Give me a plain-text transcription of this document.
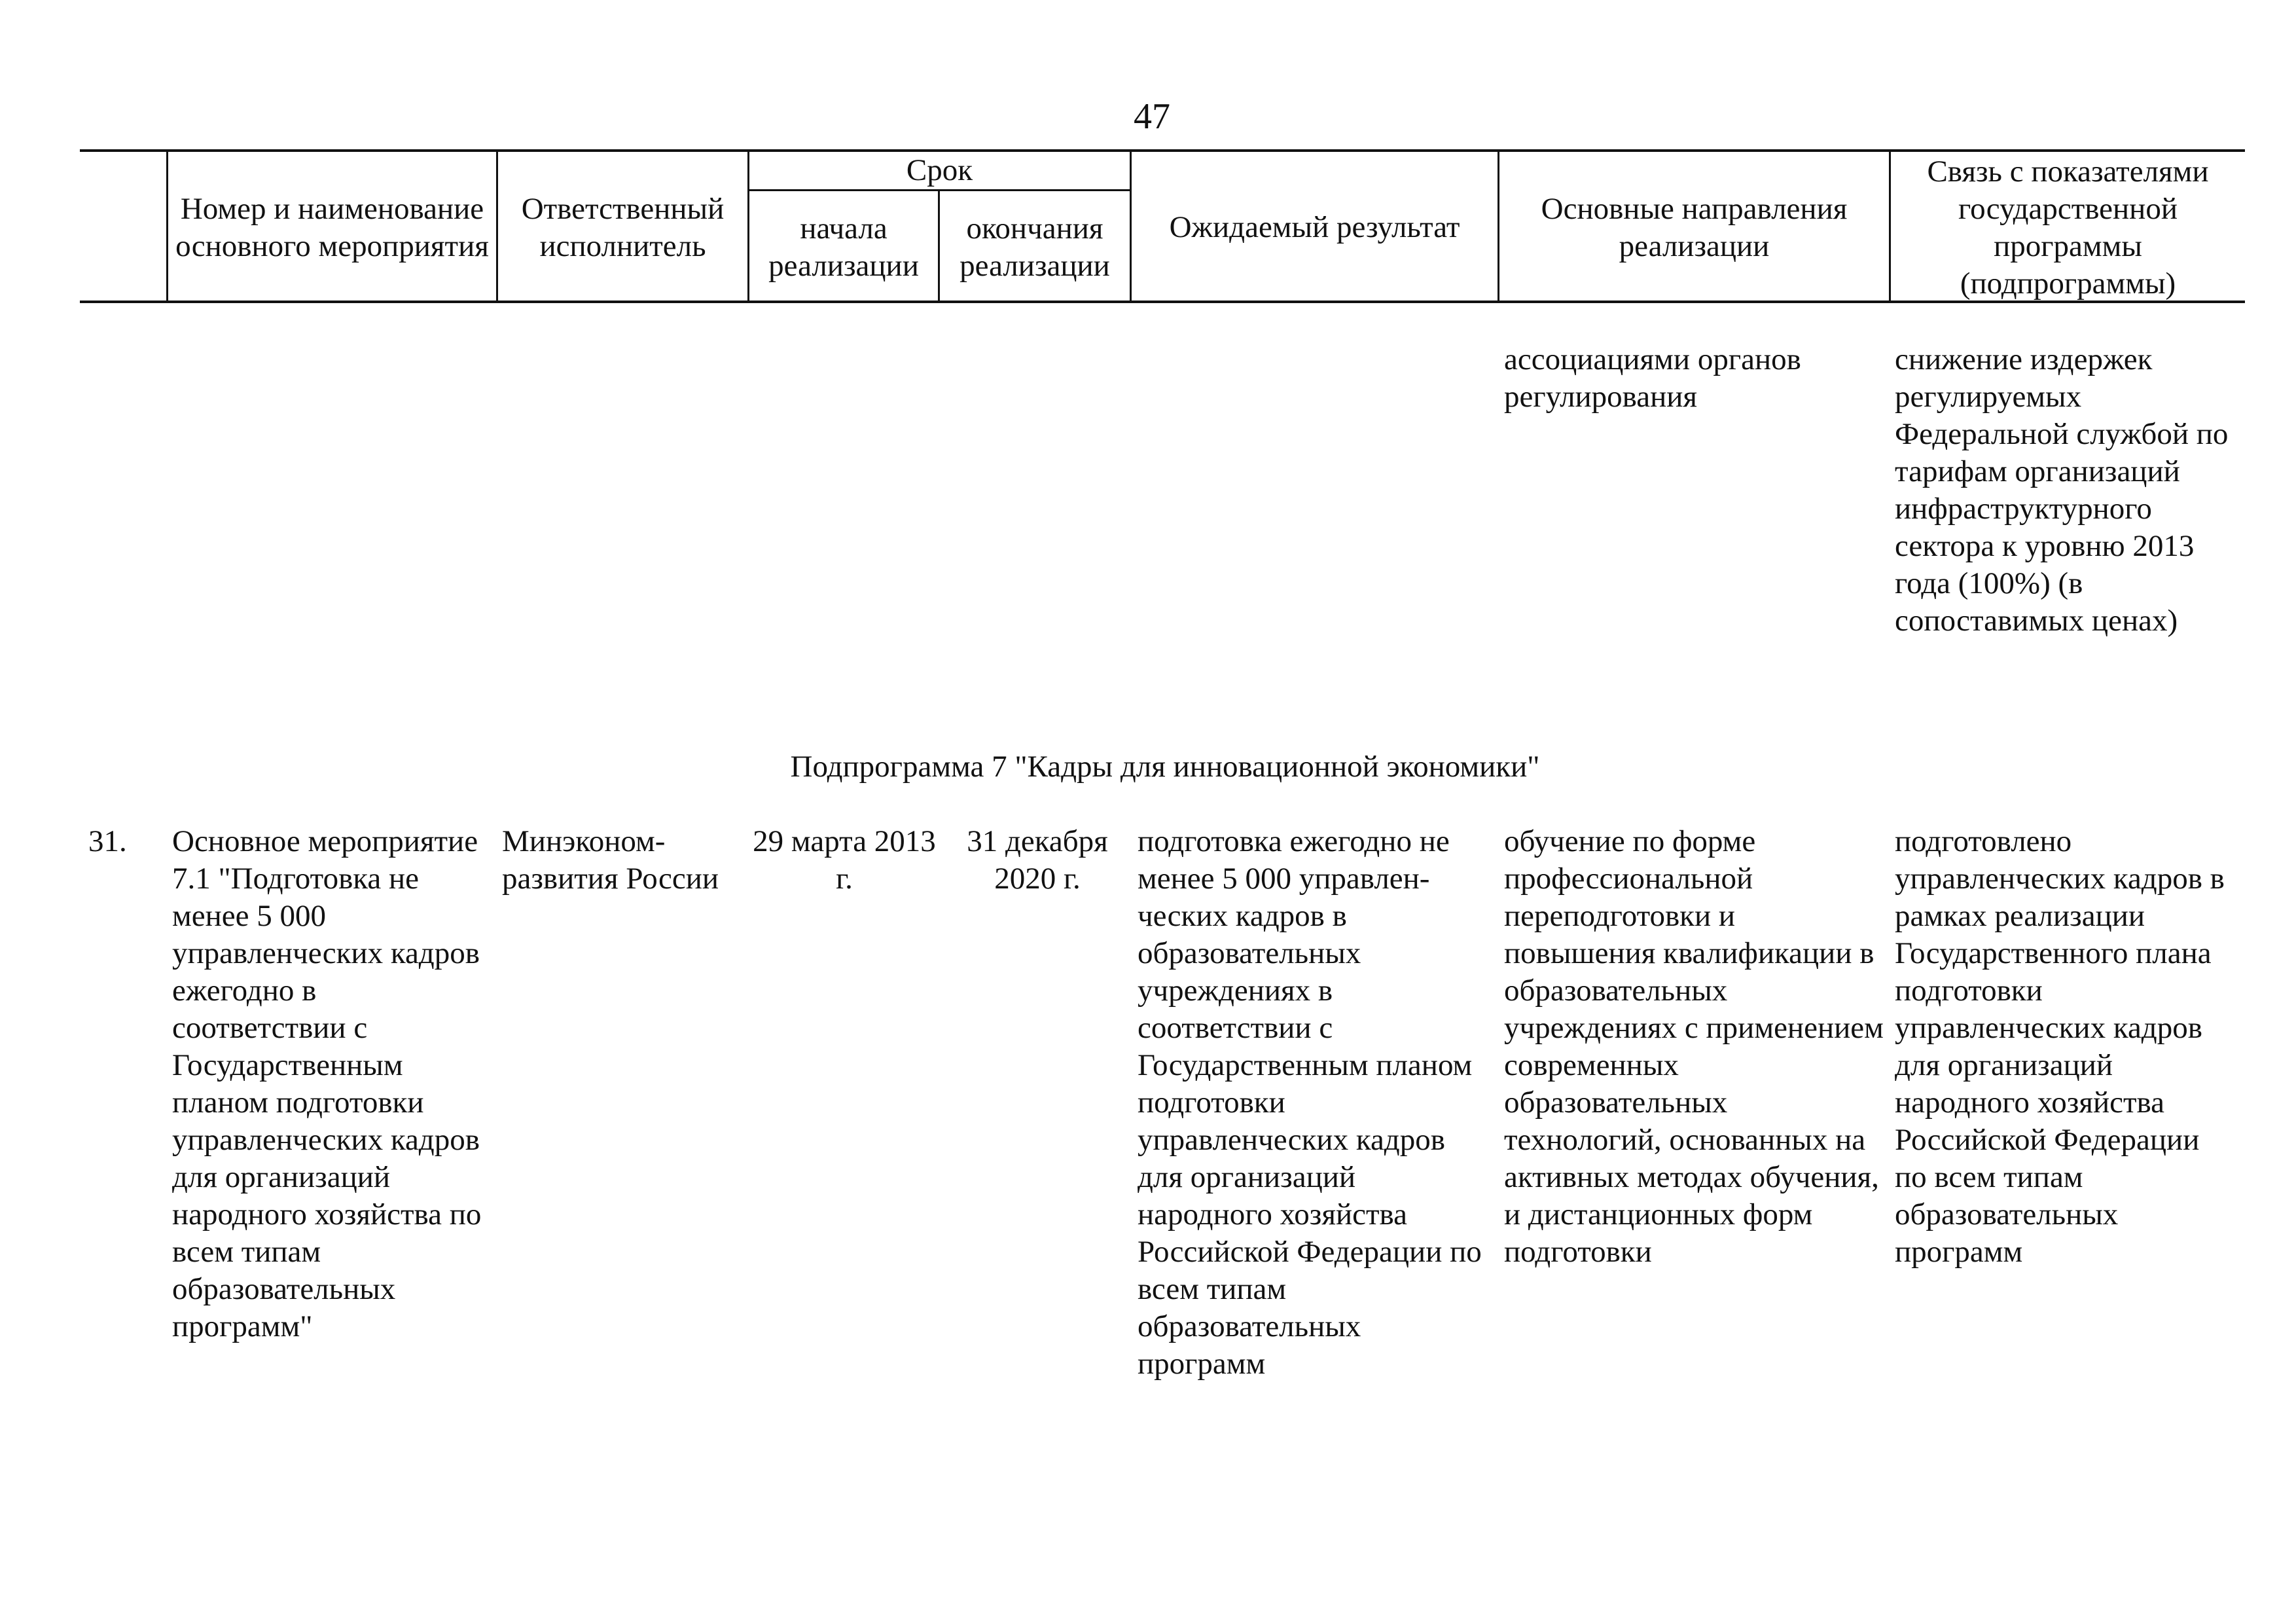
47
Номер и наименование основного мероприятия
Ответственный исполнитель
Срок
начала реализации
окончания реализации
Ожидаемый результат
Основные направления реализации
Связь с показателями государственной программы (подпрограммы)
ассоциациями органов регулирования
снижение издержек регулируемых Федеральной службой по тарифам организаций инфраструктурного сектора к уровню 2013 года (100%) (в сопоставимых ценах)
Подпрограмма 7 "Кадры для инновационной экономики"
31.	Основное мероприятие 7.1 "Подготовка не менее 5 000 управленческих кадров ежегодно в соответствии с Государственным планом подготовки управленческих кадров для организаций народного хозяйства по всем типам образовательных программ"
Минэконом-развития России
29 марта 2013 г.
31 декабря 2020 г.
подготовка ежегодно не менее 5 000 управлен-ческих кадров в образовательных учреждениях в соответствии с Государственным планом подготовки управленческих кадров для организаций народного хозяйства Российской Федерации по всем типам образовательных программ
обучение по форме профессиональной переподготовки и повышения квалификации в образовательных учреждениях с применением современных образовательных технологий, основанных на активных методах обучения, и дистанционных форм подготовки
подготовлено управленческих кадров в рамках реализации Государственного плана подготовки управленческих кадров для организаций народного хозяйства Российской Федерации по всем типам образовательных программ
